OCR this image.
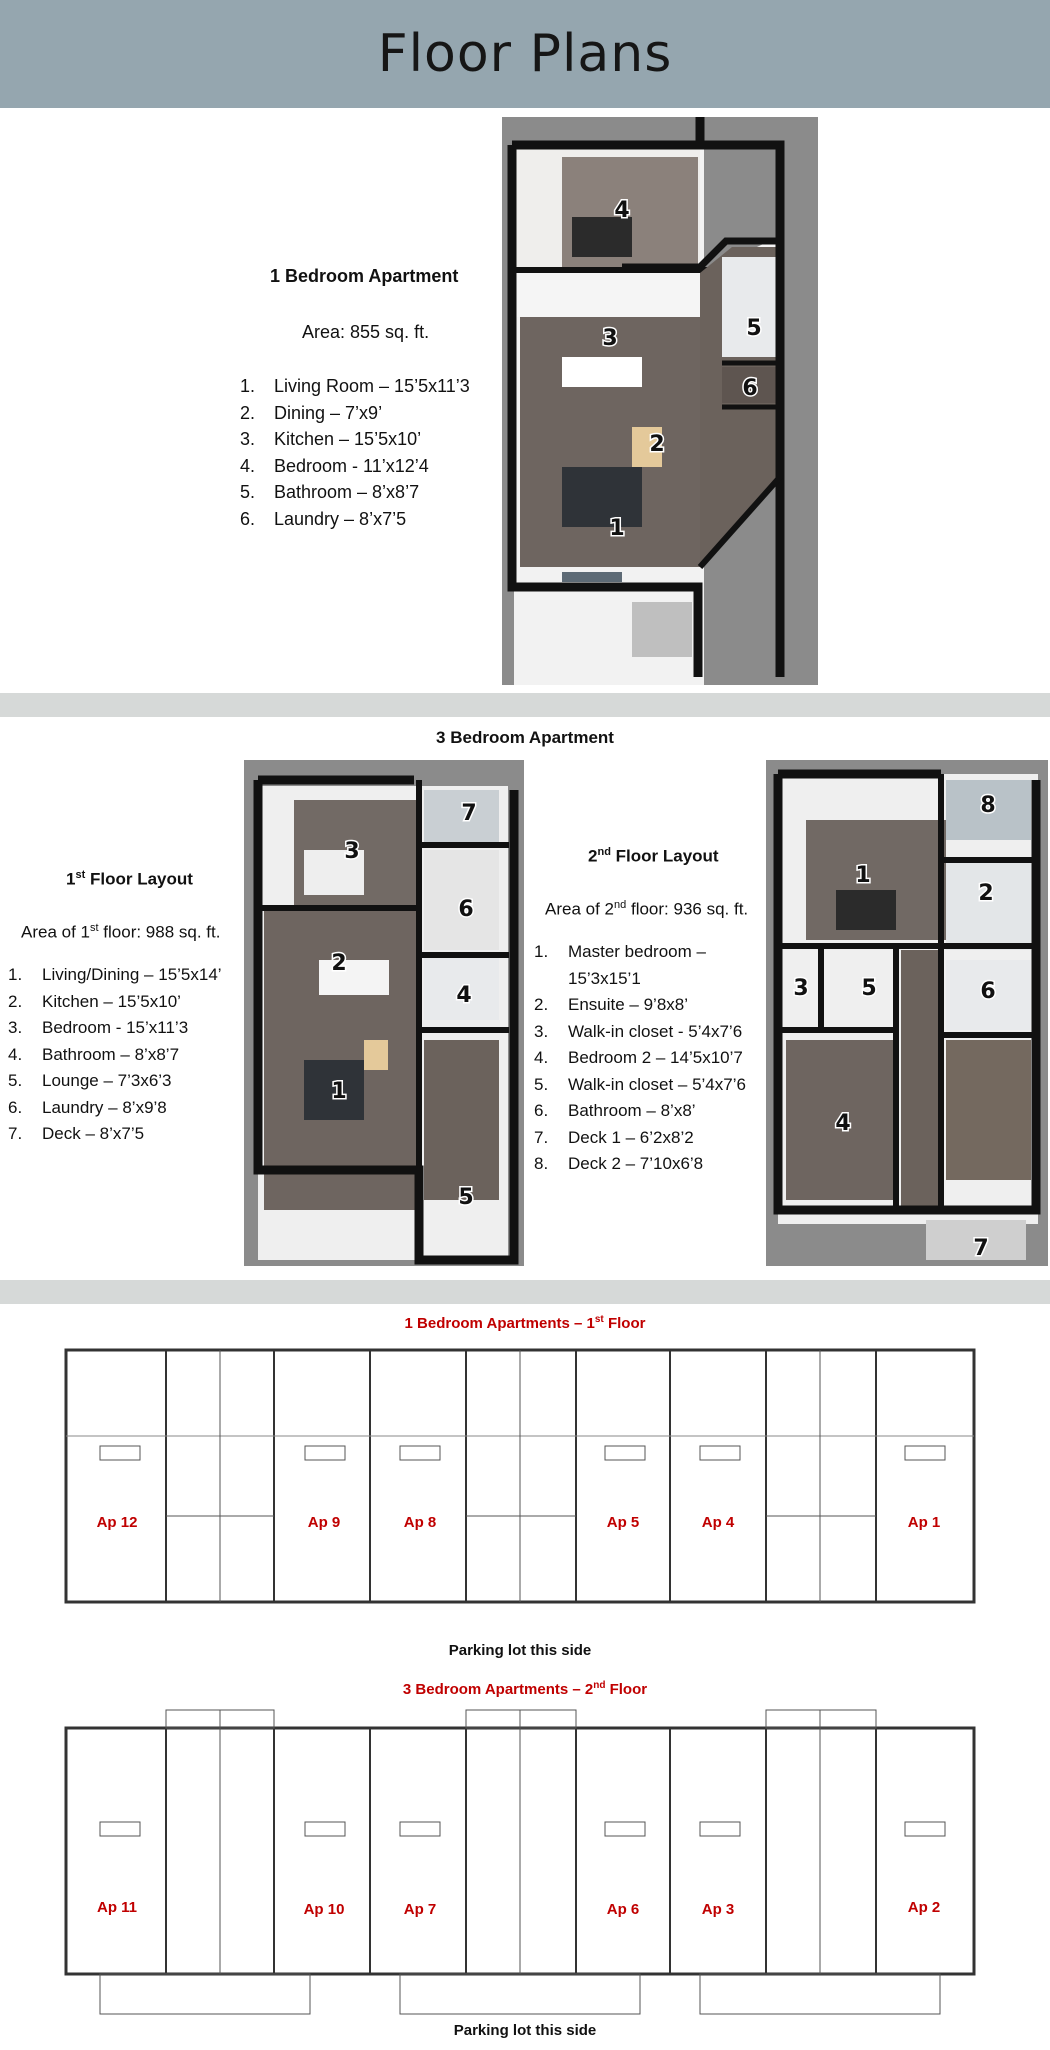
Floor Plans
1 Bedroom Apartment
Area: 855 sq. ft.
1. Living Room – 15’5x11’3
2. Dining – 7’x9’
3. Kitchen – 15’5x10’
4. Bedroom - 11’x12’4
5. Bathroom – 8’x8’7
6. Laundry – 8’x7’5	1
2
3
4
5
6
3 Bedroom Apartment
1st Floor Layout
Area of 1st floor: 988 sq. ft.
1. Living/Dining – 15’5x14’
2. Kitchen – 15’5x10’
3. Bedroom - 15’x11’3
4. Bathroom – 8’x8’7
5. Lounge – 7’3x6’3
6. Laundry – 8’x9’8
7. Deck – 8’x7’5
1
2
3
4
5
6
7
2nd Floor Layout
Area of 2nd floor: 936 sq. ft.
1. Master bedroom –
15’3x15’1
2. Ensuite – 9’8x8’
3. Walk-in closet - 5’4x7’6
4. Bedroom 2 – 14’5x10’7
5. Walk-in closet – 5’4x7’6
6. Bathroom – 8’x8’
7. Deck 1 – 6’2x8’2
8. Deck 2 – 7’10x6’8
1
2
3
4
5	6
7
8
1 Bedroom Apartments – 1st Floor
Ap 12	Ap 9	Ap 8	Ap 5	Ap 4	Ap 1
Parking lot this side
3 Bedroom Apartments – 2nd Floor
Ap 11	Ap 10	Ap 7	Ap 6	Ap 3	Ap 2
Parking lot this side
